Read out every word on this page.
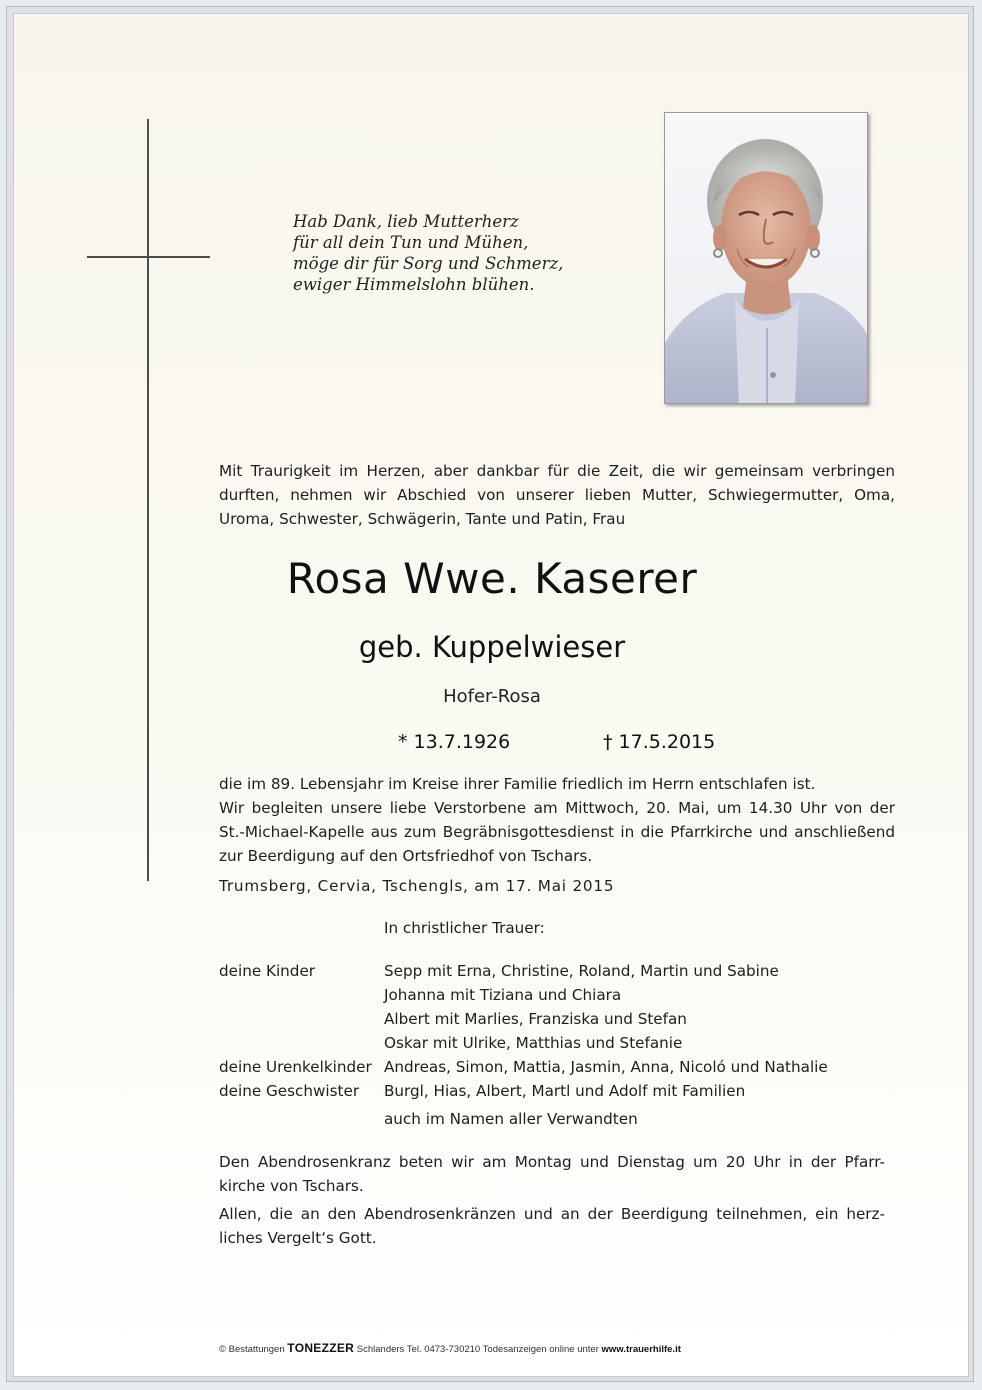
Hab Dank, lieb Mutterherz
für all dein Tun und Mühen,
möge dir für Sorg und Schmerz,
ewiger Himmelslohn blühen.
Mit Traurigkeit im Herzen, aber dankbar für die Zeit, die wir gemeinsam verbringen
durften, nehmen wir Abschied von unserer lieben Mutter, Schwiegermutter, Oma,
Uroma, Schwester, Schwägerin, Tante und Patin, Frau
Rosa Wwe. Kaserer
geb. Kuppelwieser
Hofer-Rosa
* 13.7.1926	† 17.5.2015
die im 89. Lebensjahr im Kreise ihrer Familie friedlich im Herrn entschlafen ist.
Wir begleiten unsere liebe Verstorbene am Mittwoch, 20. Mai, um 14.30 Uhr von der
St.-Michael-Kapelle aus zum Begräbnisgottesdienst in die Pfarrkirche und anschließend
zur Beerdigung auf den Ortsfriedhof von Tschars.
Trumsberg, Cervia, Tschengls, am 17. Mai 2015
In christlicher Trauer:
deine Kinder	Sepp mit Erna, Christine, Roland, Martin und Sabine
Johanna mit Tiziana und Chiara
Albert mit Marlies, Franziska und Stefan
Oskar mit Ulrike, Matthias und Stefanie
deine Urenkelkinder Andreas, Simon, Mattia, Jasmin, Anna, Nicoló und Nathalie
deine Geschwister Burgl, Hias, Albert, Martl und Adolf mit Familien
auch im Namen aller Verwandten
Den Abendrosenkranz beten wir am Montag und Dienstag um 20 Uhr in der Pfarr-
kirche von Tschars.
Allen, die an den Abendrosenkränzen und an der Beerdigung teilnehmen, ein herz-
liches Vergelt‘s Gott.
© Bestattungen TONEZZER Schlanders Tel. 0473-730210 Todesanzeigen online unter www.trauerhilfe.it
